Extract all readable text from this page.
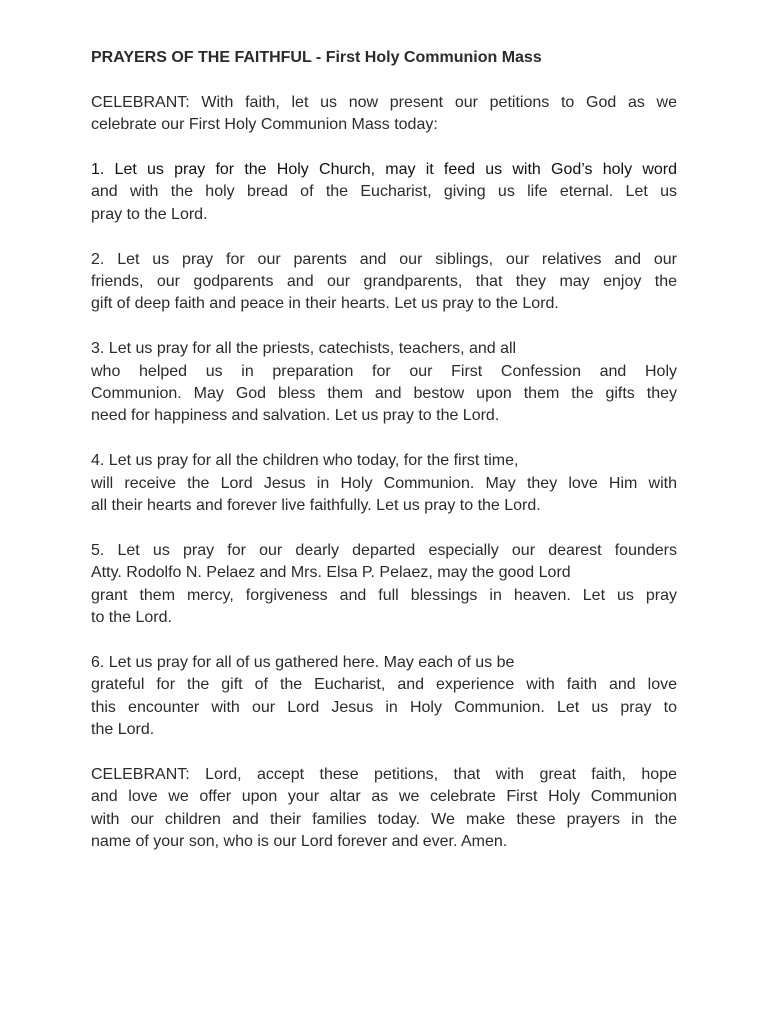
PRAYERS OF THE FAITHFUL - First Holy Communion Mass
CELEBRANT: With faith, let us now present our petitions to God as we
celebrate our First Holy Communion Mass today:
1. Let us pray for the Holy Church, may it feed us with God’s holy word
and with the holy bread of the Eucharist, giving us life eternal. Let us
pray to the Lord.
2. Let us pray for our parents and our siblings, our relatives and our
friends, our godparents and our grandparents, that they may enjoy the
gift of deep faith and peace in their hearts. Let us pray to the Lord.
3. Let us pray for all the priests, catechists, teachers, and all
who helped us in preparation for our First Confession and Holy
Communion. May God bless them and bestow upon them the gifts they
need for happiness and salvation. Let us pray to the Lord.
4. Let us pray for all the children who today, for the first time,
will receive the Lord Jesus in Holy Communion. May they love Him with
all their hearts and forever live faithfully. Let us pray to the Lord.
5. Let us pray for our dearly departed especially our dearest founders
Atty. Rodolfo N. Pelaez and Mrs. Elsa P. Pelaez, may the good Lord
grant them mercy, forgiveness and full blessings in heaven. Let us pray
to the Lord.
6. Let us pray for all of us gathered here. May each of us be
grateful for the gift of the Eucharist, and experience with faith and love
this encounter with our Lord Jesus in Holy Communion. Let us pray to
the Lord.
CELEBRANT: Lord, accept these petitions, that with great faith, hope
and love we offer upon your altar as we celebrate First Holy Communion
with our children and their families today. We make these prayers in the
name of your son, who is our Lord forever and ever. Amen.
